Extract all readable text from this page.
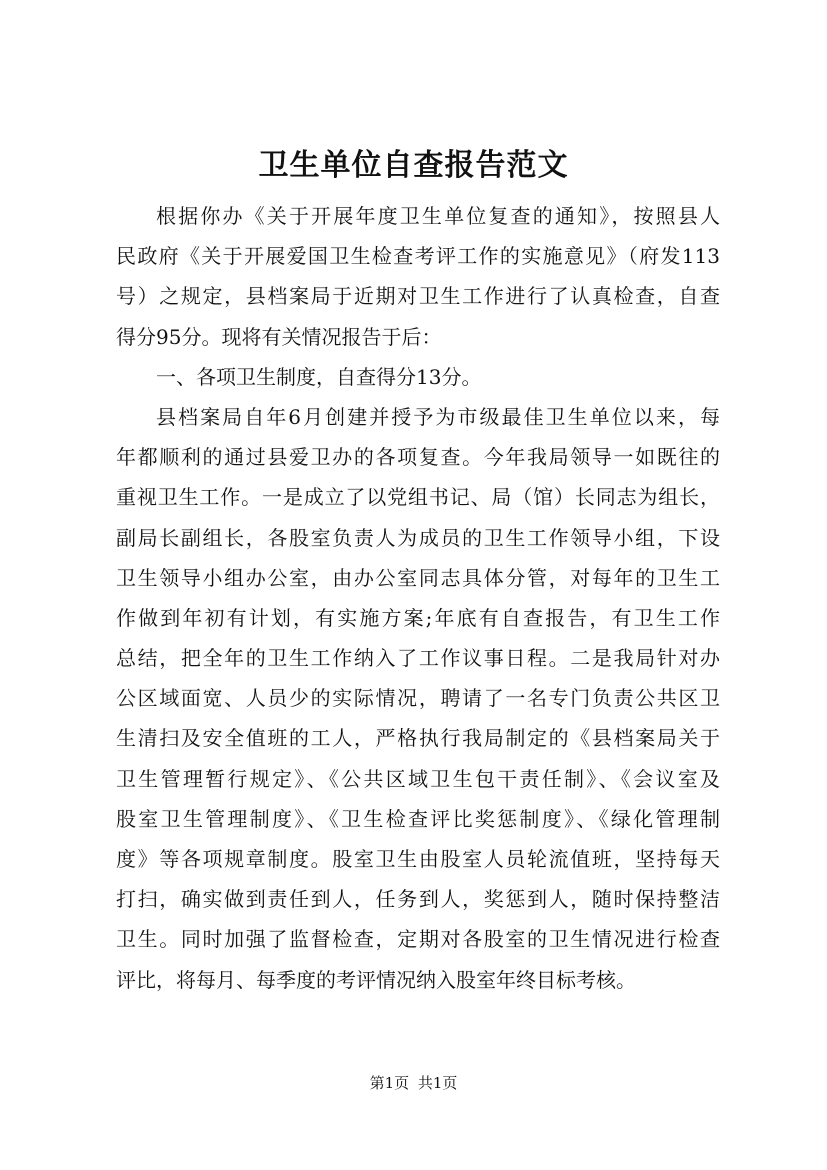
卫生单位自查报告范文
根据你办《关于开展年度卫生单位复查的通知》，按照县人
民政府《关于开展爱国卫生检查考评工作的实施意见》（府发113
号）之规定，县档案局于近期对卫生工作进行了认真检查，自查
得分95分。现将有关情况报告于后：
一、各项卫生制度，自查得分13分。
县档案局自年6月创建并授予为市级最佳卫生单位以来，每
年都顺利的通过县爱卫办的各项复查。今年我局领导一如既往的
重视卫生工作。一是成立了以党组书记、局（馆）长同志为组长，
副局长副组长，各股室负责人为成员的卫生工作领导小组，下设
卫生领导小组办公室，由办公室同志具体分管，对每年的卫生工
作做到年初有计划，有实施方案;年底有自查报告，有卫生工作
总结，把全年的卫生工作纳入了工作议事日程。二是我局针对办
公区域面宽、人员少的实际情况，聘请了一名专门负责公共区卫
生清扫及安全值班的工人，严格执行我局制定的《县档案局关于
卫生管理暂行规定》、《公共区域卫生包干责任制》、《会议室及
股室卫生管理制度》、《卫生检查评比奖惩制度》、《绿化管理制
度》等各项规章制度。股室卫生由股室人员轮流值班，坚持每天
打扫，确实做到责任到人，任务到人，奖惩到人，随时保持整洁
卫生。同时加强了监督检查，定期对各股室的卫生情况进行检查
评比，将每月、每季度的考评情况纳入股室年终目标考核。
第1页 共1页
